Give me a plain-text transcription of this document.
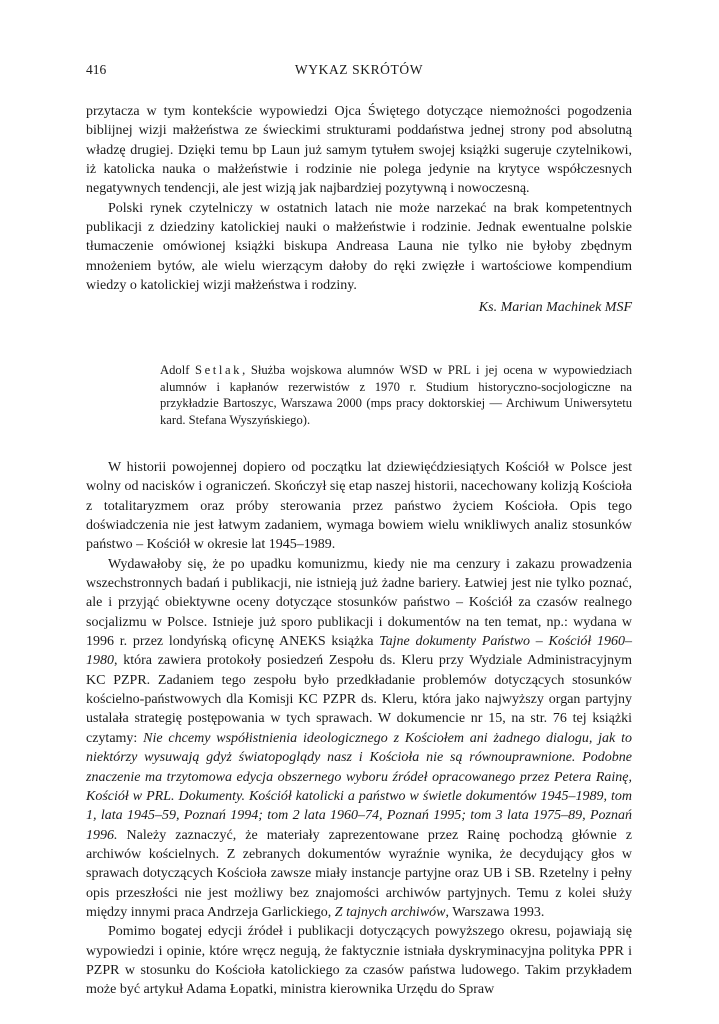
416	WYKAZ SKRÓTÓW

przytacza w tym kontekście wypowiedzi Ojca Świętego dotyczące niemożności pogodzenia biblijnej wizji małżeństwa ze świeckimi strukturami poddaństwa jednej strony pod absolutną władzę drugiej. Dzięki temu bp Laun już samym tytułem swojej książki sugeruje czytelnikowi, iż katolicka nauka o małżeństwie i rodzinie nie polega jedynie na krytyce współczesnych negatywnych tendencji, ale jest wizją jak najbardziej pozytywną i nowoczesną.

Polski rynek czytelniczy w ostatnich latach nie może narzekać na brak kompetentnych publikacji z dziedziny katolickiej nauki o małżeństwie i rodzinie. Jednak ewentualne polskie tłumaczenie omówionej książki biskupa Andreasa Launa nie tylko nie byłoby zbędnym mnożeniem bytów, ale wielu wierzącym dałoby do ręki zwięzłe i wartościowe kompendium wiedzy o katolickiej wizji małżeństwa i rodziny.

Ks. Marian Machinek MSF
Adolf Setlak, Służba wojskowa alumnów WSD w PRL i jej ocena w wypowiedziach alumnów i kapłanów rezerwistów z 1970 r. Studium historyczno-socjologiczne na przykładzie Bartoszyc, Warszawa 2000 (mps pracy doktorskiej — Archiwum Uniwersytetu kard. Stefana Wyszyńskiego).

W historii powojennej dopiero od początku lat dziewięćdziesiątych Kościół w Polsce jest wolny od nacisków i ograniczeń. Skończył się etap naszej historii, nacechowany kolizją Kościoła z totalitaryzmem oraz próby sterowania przez państwo życiem Kościoła. Opis tego doświadczenia nie jest łatwym zadaniem, wymaga bowiem wielu wnikliwych analiz stosunków państwo – Kościół w okresie lat 1945–1989.

Wydawałoby się, że po upadku komunizmu, kiedy nie ma cenzury i zakazu prowadzenia wszechstronnych badań i publikacji, nie istnieją już żadne bariery. Łatwiej jest nie tylko poznać, ale i przyjąć obiektywne oceny dotyczące stosunków państwo – Kościół za czasów realnego socjalizmu w Polsce. Istnieje już sporo publikacji i dokumentów na ten temat, np.: wydana w 1996 r. przez londyńską oficynę ANEKS książka Tajne dokumenty Państwo – Kościół 1960–1980, która zawiera protokoły posiedzeń Zespołu ds. Kleru przy Wydziale Administracyjnym KC PZPR. Zadaniem tego zespołu było przedkładanie problemów dotyczących stosunków kościelno-państwowych dla Komisji KC PZPR ds. Kleru, która jako najwyższy organ partyjny ustalała strategię postępowania w tych sprawach. W dokumencie nr 15, na str. 76 tej książki czytamy: Nie chcemy współistnienia ideologicznego z Kościołem ani żadnego dialogu, jak to niektórzy wysuwają gdyż światopoglądy nasz i Kościoła nie są równouprawnione. Podobne znaczenie ma trzytomowa edycja obszernego wyboru źródeł opracowanego przez Petera Rainę, Kościół w PRL. Dokumenty. Kościół katolicki a państwo w świetle dokumentów 1945–1989, tom 1, lata 1945–59, Poznań 1994; tom 2 lata 1960–74, Poznań 1995; tom 3 lata 1975–89, Poznań 1996. Należy zaznaczyć, że materiały zaprezentowane przez Rainę pochodzą głównie z archiwów kościelnych. Z zebranych dokumentów wyraźnie wynika, że decydujący głos w sprawach dotyczących Kościoła zawsze miały instancje partyjne oraz UB i SB. Rzetelny i pełny opis przeszłości nie jest możliwy bez znajomości archiwów partyjnych. Temu z kolei służy między innymi praca Andrzeja Garlickiego, Z tajnych archiwów, Warszawa 1993.

Pomimo bogatej edycji źródeł i publikacji dotyczących powyższego okresu, pojawiają się wypowiedzi i opinie, które wręcz negują, że faktycznie istniała dyskryminacyjna polityka PPR i PZPR w stosunku do Kościoła katolickiego za czasów państwa ludowego. Takim przykładem może być artykuł Adama Łopatki, ministra kierownika Urzędu do Spraw
